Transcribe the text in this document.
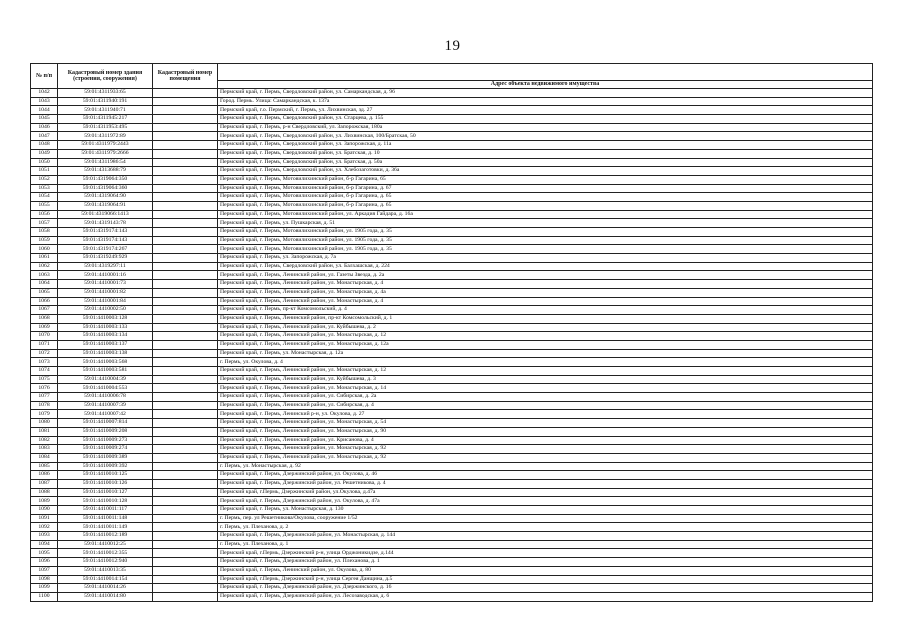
19
№ п/п	Кадастровый номер здания (строения, сооружения)	Кадастровый номер помещения	
			Адрес объекта недвижимого имущества
1042	59:01:4311933:65		Пермский край, г. Пермь, Свердловский район, ул. Самаркандская, д. 96
1043	59:01:4311940:191		Город. Пермь. Улица: Самаркандская, к. 137а
1044	59:01:4311940:71		Пермский край, г.о. Пермский, г. Пермь, ул. Лихвинская, зд. 27
1045	59:01:4311945:217		Пермский край, г. Пермь, Свердловский район, ул. Старцева, д. 155
1046	59:01:4311953:495		Пермский край, г. Пермь, р-н Свердловский, ул. Запорожская, 180а
1047	59:01:4311972:89		Пермский край, г. Пермь, Свердловский район, ул. Лихвинская, 100/Братская, 50
1048	59:01:4311979:2443		Пермский край, г. Пермь, Свердловский район, ул. Запорожская, д. 11а
1049	59:01:4311979:2666		Пермский край, г. Пермь, Свердловский район, ул. Братская, д. 10
1050	59:01:4311986:54		Пермский край, г. Пермь, Свердловский район, ул. Братская, д. 50а
1051	59:01:4313688:79		Пермский край, г. Пермь, Свердловский район, ул. Хлебозаготовки, д. 36а
1052	59:01:4319064:350		Пермский край, г. Пермь, Мотовилихинский район, б-р Гагарина, 65
1053	59:01:4319064:360		Пермский край, г. Пермь, Мотовилихинский район, б-р Гагарина, д. 67
1054	59:01:4319064:90		Пермский край, г. Пермь, Мотовилихинский район, б-р Гагарина, д. 65
1055	59:01:4319064:91		Пермский край, г. Пермь, Мотовилихинский район, б-р Гагарина, д. 65
1056	59:01:4319066:1413		Пермский край, г. Пермь, Мотовилихинский район, ул. Аркадия Гайдара, д. 16а
1057	59:01:4319143:78		Пермский край, г. Пермь, ул. Пушкарская, д. 51
1058	59:01:4319174:143		Пермский край, г. Пермь, Мотовилихинский район, ул. 1905 года, д. 35
1059	59:01:4319174:143		Пермский край, г. Пермь, Мотовилихинский район, ул. 1905 года, д. 35
1060	59:01:4319174:267		Пермский край, г. Пермь, Мотовилихинский район, ул. 1905 года, д. 35
1061	59:01:4319249:929		Пермский край, г. Пермь, ул. Запорожская, д. 7а
1062	59:01:4319297:11		Пермский край, г. Пермь, Свердловский район, ул. Балхашская, д. 224
1063	59:01:4410001:16		Пермский край, г. Пермь, Ленинский район, ул. Газеты Звезда, д. 2а
1064	59:01:4410001:73		Пермский край, г. Пермь, Ленинский район, ул. Монастырская, д. 4
1065	59:01:4410001:82		Пермский край, г. Пермь, Ленинский район, ул. Монастырская, д. 4а
1066	59:01:4410001:84		Пермский край, г. Пермь, Ленинский район, ул. Монастырская, д. 4
1067	59:01:4410002:50		Пермский край, г. Пермь, пр-кт Комсомольский, д. 4
1068	59:01:4410003:128		Пермский край, г. Пермь, Ленинский район, пр-кт Комсомольский, д. 1
1069	59:01:4410003:133		Пермский край, г. Пермь, Ленинский район, ул. Куйбышева, д. 2
1070	59:01:4410003:134		Пермский край, г. Пермь, Ленинский район, ул. Монастырская, д. 12
1071	59:01:4410003:137		Пермский край, г. Пермь, Ленинский район, ул. Монастырская, д. 12а
1072	59:01:4410003:138		Пермский край, г. Пермь, ул. Монастырская, д. 12а
1073	59:01:4410003:568		г. Пермь, ул. Окулова, д. 4
1074	59:01:4410003:581		Пермский край, г. Пермь, Ленинский район, ул. Монастырская, д. 12
1075	59:01:4410004:39		Пермский край, г. Пермь, Ленинский район, ул. Куйбышева, д. 3
1076	59:01:4410004:553		Пермский край, г. Пермь, Ленинский район, ул. Монастырская, д. 14
1077	59:01:4410006:78		Пермский край, г. Пермь, Ленинский район, ул. Сибирская, д. 2а
1078	59:01:4410007:39		Пермский край, г. Пермь, Ленинский район, ул. Сибирская, д. 4
1079	59:01:4410007:42		Пермский край, г. Пермь, Ленинский р-н, ул. Окулова, д. 27
1080	59:01:4410007:814		Пермский край, г. Пермь, Ленинский район, ул. Монастырская, д. 54
1081	59:01:4410009:208		Пермский край, г. Пермь, Ленинский район, ул. Монастырская, д. 90
1082	59:01:4410009:273		Пермский край, г. Пермь, Ленинский район, ул. Крисанова, д. 4
1083	59:01:4410009:274		Пермский край, г. Пермь, Ленинский район, ул. Монастырская, д. 92
1084	59:01:4410009:389		Пермский край, г. Пермь, Ленинский район, ул. Монастырская, д. 92
1085	59:01:4410009:392		г. Пермь, ул. Монастырская, д. 92
1086	59:01:4410010:125		Пермский край, г. Пермь, Дзержинский район, ул. Окулова, д. 46
1087	59:01:4410010:126		Пермский край, г. Пермь, Дзержинский район, ул. Решетникова, д. 4
1088	59:01:4410010:127		Пермский край, г.Пермь, Дзержинский район, ул.Окулова, д.47а
1089	59:01:4410010:128		Пермский край, г. Пермь, Дзержинский район, ул. Окулова, д. 47а
1090	59:01:4410011:117		Пермский край, г. Пермь, ул. Монастырская, д. 130
1091	59:01:4410011:148		г. Пермь, пер. ул Решетникова/Окулова, сооружение 1/52
1092	59:01:4410011:149		г. Пермь, ул. Плеханова, д. 2
1093	59:01:4410012:189		Пермский край, г. Пермь, Дзержинский район, ул. Монастырская, д. 144
1094	59:01:4410012:25		г. Пермь, ул. Плеханова, д. 1
1095	59:01:4410012:355		Пермский край, г.Пермь, Дзержинский р-н, улица Орджоникидзе, д.144
1096	59:01:4410012:940		Пермский край, г. Пермь, Дзержинский район, ул. Плеханова, д. 1
1097	59:01:4410013:35		Пермский край, г. Пермь, Ленинский район, ул. Окулова, д. 80
1098	59:01:4410014:154		Пермский край, г.Пермь, Дзержинский р-н, улица Сергея Данщина, д.5
1099	59:01:4410014:26		Пермский край, г. Пермь, Дзержинский район, ул. Дзержинского, д. 16
1100	59:01:4410014:80		Пермский край, г. Пермь, Дзержинский район, ул. Лесозаводская, д. 6
